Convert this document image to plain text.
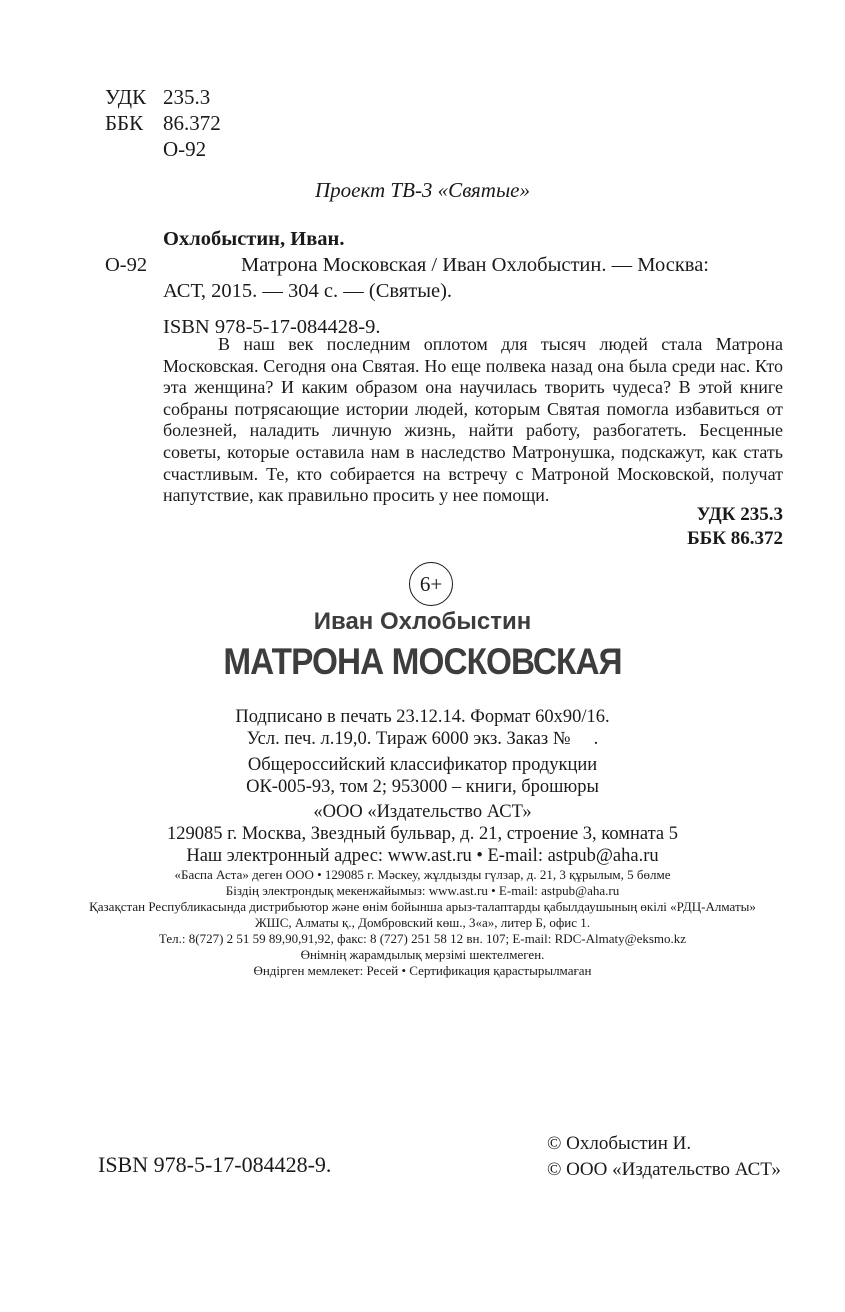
УДК 235.3
ББК 86.372
О-92
Проект ТВ-3 «Святые»
О-92
Охлобыстин, Иван.
Матрона Московская / Иван Охлобыстин. — Москва:
АСТ, 2015. — 304 с. — (Святые).
ISBN 978-5-17-084428-9.

В наш век последним оплотом для тысяч людей стала Матрона Московская. Сегодня она Святая. Но еще полвека назад она была среди нас. Кто эта женщина? И каким образом она научилась творить чудеса? В этой книге собраны потрясающие истории людей, которым Святая помогла избавиться от болезней, наладить личную жизнь, найти работу, разбогатеть. Бесценные советы, которые оставила нам в наследство Матронушка, подскажут, как стать счастливым. Те, кто собирается на встречу с Матроной Московской, получат напутствие, как правильно просить у нее помощи.

УДК 235.3
ББК 86.372
6+
Иван Охлобыстин
МАТРОНА МОСКОВСКАЯ
Подписано в печать 23.12.14. Формат 60х90/16.
Усл. печ. л.19,0. Тираж 6000 экз. Заказ №     .
Общероссийский классификатор продукции
ОК-005-93, том 2; 953000 – книги, брошюры
«ООО «Издательство АСТ»
129085 г. Москва, Звездный бульвар, д. 21, строение 3, комната 5
Наш электронный адрес: www.ast.ru • E-mail: astpub@aha.ru
«Баспа Аста» деген ООО • 129085 г. Мәскеу, жұлдызды гүлзар, д. 21, 3 құрылым, 5 бөлме
Біздің электрондық мекенжайымыз: www.ast.ru • E-mail: astpub@aha.ru
Қазақстан Республикасында дистрибьютор және өнім бойынша арыз-талаптарды қабылдаушының өкілі «РДЦ-Алматы»
ЖШС, Алматы қ., Домбровский көш., 3«а», литер Б, офис 1.
Тел.: 8(727) 2 51 59 89,90,91,92, факс: 8 (727) 251 58 12 вн. 107; E-mail: RDC-Almaty@eksmo.kz
Өнімнің жарамдылық мерзімі шектелмеген.
Өндірген мемлекет: Ресей • Сертификация қарастырылмаған
ISBN 978-5-17-084428-9.
© Охлобыстин И.
© ООО «Издательство АСТ»
